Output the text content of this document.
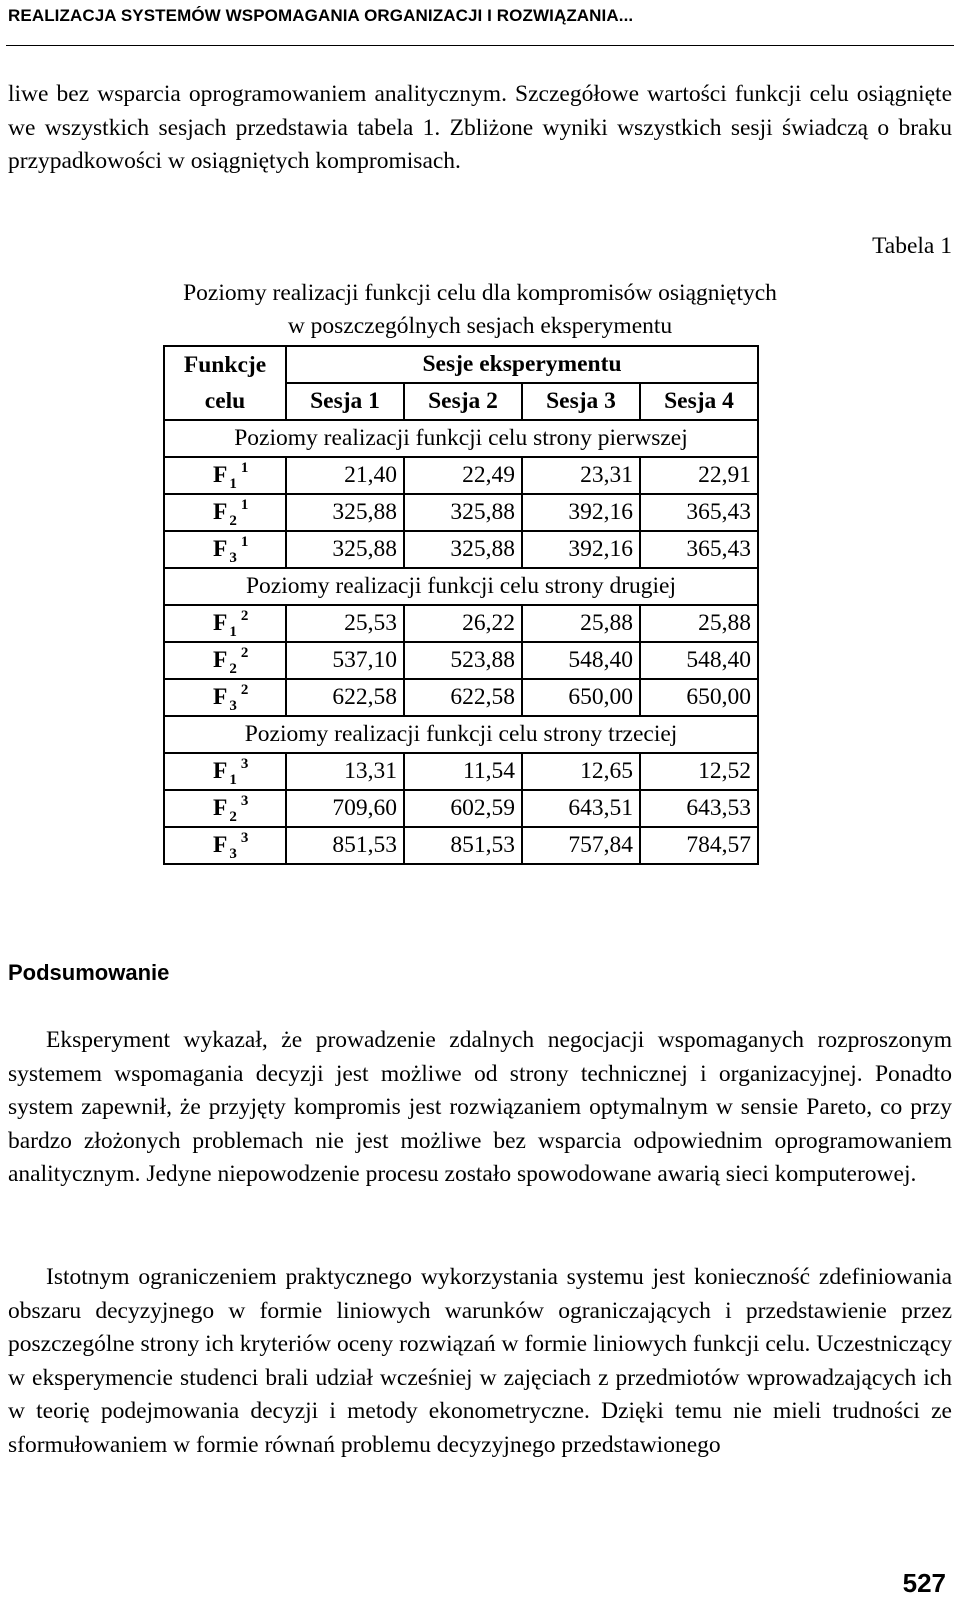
REALIZACJA SYSTEMÓW WSPOMAGANIA ORGANIZACJI I ROZWIĄZANIA...

liwe bez wsparcia oprogramowaniem analitycznym. Szczegółowe wartości funkcji celu osiągnięte we wszystkich sesjach przedstawia tabela 1. Zbliżone wyniki wszystkich sesji świadczą o braku przypadkowości w osiągniętych kompromisach.

Tabela 1
Poziomy realizacji funkcji celu dla kompromisów osiągniętych
w poszczególnych sesjach eksperymentu
Funkcje	Sesje eksperymentu			
celu	Sesja 1	Sesja 2	Sesja 3	Sesja 4
Poziomy realizacji funkcji celu strony pierwszej				
F $_1^1$	21,40	22,49	23,31	22,91
F $_2^1$	325,88	325,88	392,16	365,43
F $_3^1$	325,88	325,88	392,16	365,43
Poziomy realizacji funkcji celu strony drugiej				
F $_1^2$	25,53	26,22	25,88	25,88
F $_2^2$	537,10	523,88	548,40	548,40
F $_3^2$	622,58	622,58	650,00	650,00
Poziomy realizacji funkcji celu strony trzeciej				
F $_1^3$	13,31	11,54	12,65	12,52
F $_2^3$	709,60	602,59	643,51	643,53
F $_3^3$	851,53	851,53	757,84	784,57
Podsumowanie

Eksperyment wykazał, że prowadzenie zdalnych negocjacji wspomaganych rozproszonym systemem wspomagania decyzji jest możliwe od strony technicznej i organizacyjnej. Ponadto system zapewnił, że przyjęty kompromis jest rozwiązaniem optymalnym w sensie Pareto, co przy bardzo złożonych problemach nie jest możliwe bez wsparcia odpowiednim oprogramowaniem analitycznym. Jedyne niepowodzenie procesu zostało spowodowane awarią sieci komputerowej.

Istotnym ograniczeniem praktycznego wykorzystania systemu jest konieczność zdefiniowania obszaru decyzyjnego w formie liniowych warunków ograniczających i przedstawienie przez poszczególne strony ich kryteriów oceny rozwiązań w formie liniowych funkcji celu. Uczestniczący w eksperymencie studenci brali udział wcześniej w zajęciach z przedmiotów wprowadzających ich w teorię podejmowania decyzji i metody ekonometryczne. Dzięki temu nie mieli trudności ze sformułowaniem w formie równań problemu decyzyjnego przedstawionego

527
